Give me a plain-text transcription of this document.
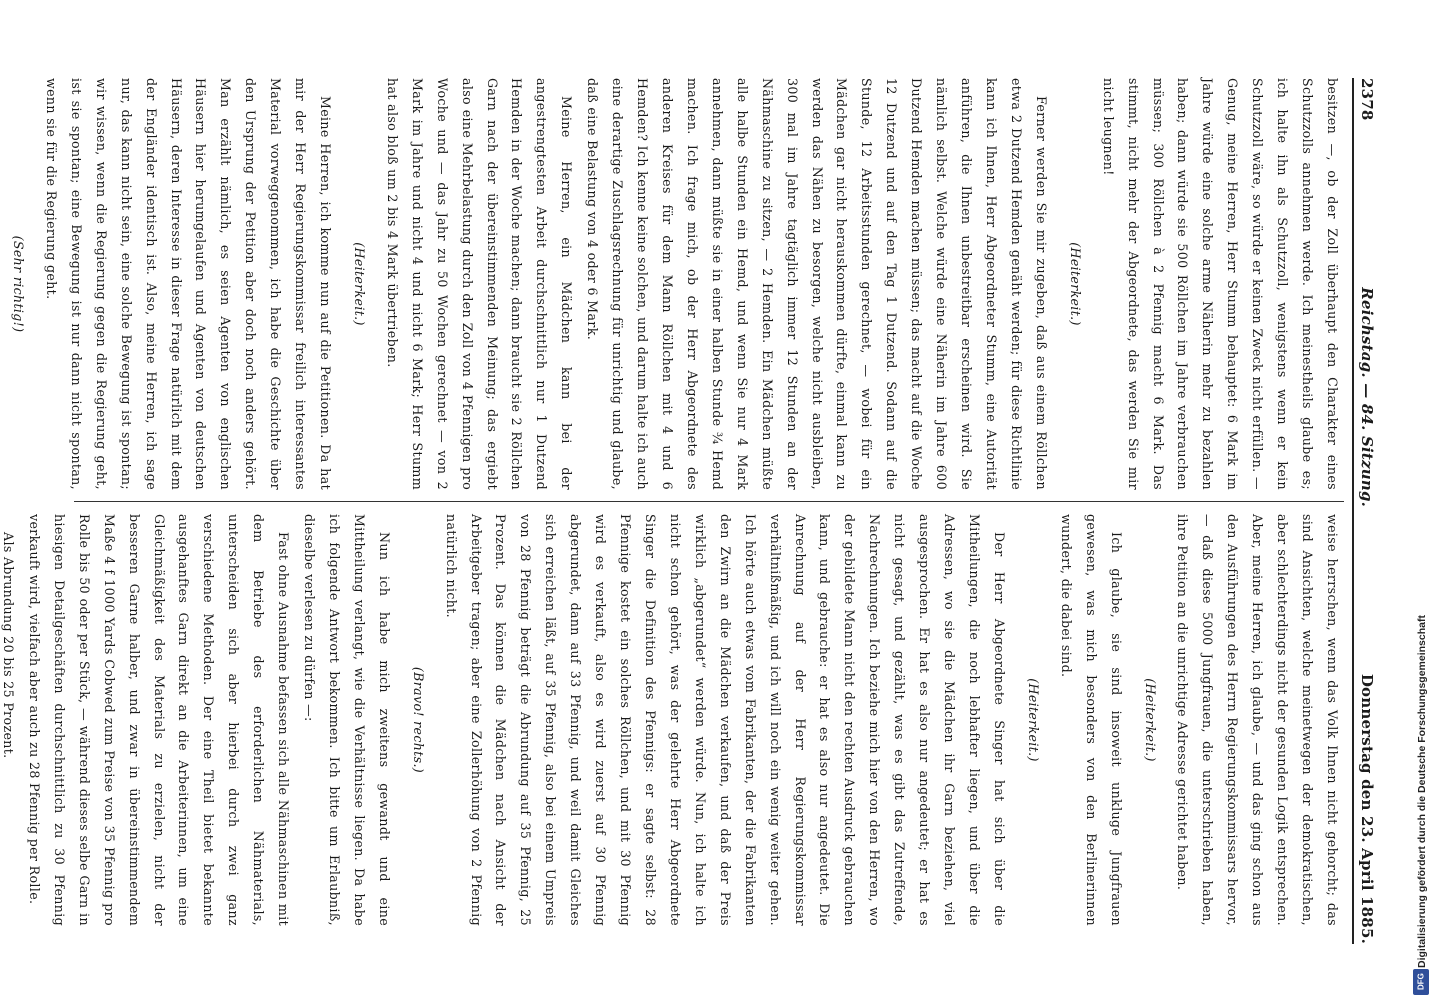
2378
Reichstag. — 84. Sitzung.
Donnerstag den 23. April 1885.

besitzen —, ob der Zoll überhaupt den Charakter eines Schutzzolls annehmen werde. Ich meinestheils glaube es; ich halte ihn als Schutzzoll, wenigstens wenn er kein Schutzzoll wäre, so würde er keinen Zweck nicht erfüllen. — Genug, meine Herren, Herr Stumm behauptet: 6 Mark im Jahre würde eine solche arme Näherin mehr zu bezahlen haben; dann würde sie 500 Röllchen im Jahre verbrauchen müssen; 300 Röllchen à 2 Pfennig macht 6 Mark. Das stimmt, nicht mehr der Abgeordnete, das werden Sie mir nicht leugnen!

(Heiterkeit.)

Ferner werden Sie mir zugeben, daß aus einem Röllchen etwa 2 Dutzend Hemden genäht werden; für diese Richtlinie kann ich Ihnen, Herr Abgeordneter Stumm, eine Autorität anführen, die Ihnen unbestreitbar erscheinen wird. Sie nämlich selbst. Welche würde eine Näherin im Jahre 600 Dutzend Hemden machen müssen; das macht auf die Woche 12 Dutzend und auf den Tag 1 Dutzend. Sodann auf die Stunde, 12 Arbeitsstunden gerechnet, — wobei für ein Mädchen gar nicht herauskommen dürfte, einmal kann zu werden das Nähen zu besorgen, welche nicht ausbleiben, 300 mal im Jahre tagtäglich immer 12 Stunden an der Nähmaschine zu sitzen, — 2 Hemden. Ein Mädchen müßte alle halbe Stunden ein Hemd, und wenn Sie nur 4 Mark annehmen, dann müßte sie in einer halben Stunde ¾ Hemd machen. Ich frage mich, ob der Herr Abgeordnete des anderen Kreises für dem Mann Röllchen mit 4 und 6 Hemden? Ich kenne keine solchen, und darum halte ich auch eine derartige Zuschlagsrechnung für unrichtig und glaube, daß eine Belastung von 4 oder 6 Mark.

Meine Herren, ein Mädchen kann bei der angestrengtesten Arbeit durchschnittlich nur 1 Dutzend Hemden in der Woche machen; dann braucht sie 2 Röllchen Garn nach der übereinstimmenden Meinung; das ergiebt also eine Mehrbelastung durch den Zoll von 4 Pfennigen pro Woche und — das Jahr zu 50 Wochen gerechnet — von 2 Mark im Jahre und nicht 4 und nicht 6 Mark; Herr Stumm hat also bloß um 2 bis 4 Mark übertrieben.

(Heiterkeit.)

Meine Herren, ich komme nun auf die Petitionen. Da hat mir der Herr Regierungskommissar freilich interessantes Material vorweggenommen, ich habe die Geschichte über den Ursprung der Petition aber doch noch anders gehört. Man erzählt nämlich, es seien Agenten von englischen Häusern hier herumgelaufen und Agenten von deutschen Häusern, deren Interesse in dieser Frage natürlich mit dem der Engländer identisch ist. Also, meine Herren, ich sage nur, das kann nicht sein, eine solche Bewegung ist spontan; wir wissen, wenn die Regierung gegen die Regierung geht, ist sie spontan; eine Bewegung ist nur dann nicht spontan, wenn sie für die Regierung geht.

(Sehr richtig!)

weise herrschen, wenn das Volk Ihnen nicht gehorcht; das sind Ansichten, welche meinetwegen der demokratischen, aber schlechterdings nicht der gesunden Logik entsprechen. Aber, meine Herren, ich glaube, — und das ging schon aus den Ausführungen des Herrn Regierungskommissars hervor, — daß diese 5000 Jungfrauen, die unterschrieben haben, ihre Petition an die unrichtige Adresse gerichtet haben.

(Heiterkeit.)

Ich glaube, sie sind insoweit unkluge Jungfrauen gewesen, was mich besonders von den Berlinerinnen wundert, die dabei sind.

(Heiterkeit.)

Der Herr Abgeordnete Singer hat sich über die Mitheilungen, die noch lebhafter liegen, und über die Adressen, wo sie die Mädchen ihr Garn beziehen, viel ausgesprochen. Er hat es also nur angedeutet; er hat es nicht gesagt, und gezählt, was es gibt das Zutreffende, Nachrechnungen. Ich beziehe mich hier von den Herren, wo der gebildete Mann nicht den rechten Ausdruck gebrauchen kann, und gebrauche: er hat es also nur angedeutet. Die Anrechnung auf der Herr Regierungskommissar verhältnißmäßig, und ich will noch ein wenig weiter gehen. Ich hörte auch etwas vom Fabrikanten, der die Fabrikanten den Zwirn an die Mädchen verkaufen, und daß der Preis wirklich „abgerundet“ werden würde. Nun, ich halte ich nicht schon gehört, was der gelehrte Herr Abgeordnete Singer die Definition des Pfennigs: er sagte selbst: 28 Pfennige kostet ein solches Röllchen, und mit 30 Pfennig wird es verkauft, also es wird zuerst auf 30 Pfennig abgerundet, dann auf 33 Pfennig, und weil damit Gleiches sich erreichen läßt, auf 35 Pfennig, also bei einem Umpreis von 28 Pfennig beträgt die Abrundung auf 35 Pfennig, 25 Prozent. Das können die Mädchen nach Ansicht der Arbeitgeber tragen; aber eine Zollerhöhung von 2 Pfennig natürlich nicht.

(Bravo! rechts.)

Nun ich habe mich zweitens gewandt und eine Mittheilung verlangt, wie die Verhältnisse liegen. Da habe ich folgende Antwort bekommen. Ich bitte um Erlaubniß, dieselbe verlesen zu dürfen —:

Fast ohne Ausnahme befassen sich alle Nähmaschinen mit dem Betriebe des erforderlichen Nähmaterials, unterscheiden sich aber hierbei durch zwei ganz verschiedene Methoden. Der eine Theil bietet bekannte ausgehanftes Garn direkt an die Arbeiterinnen, um eine Gleichmäßigkeit des Materials zu erzielen, nicht der besseren Garne halber, und zwar in übereinstimmendem Maße 4 f 1000 Yards Cobwed zum Preise von 35 Pfennig pro Rolle bis 50 oder per Stück, — während dieses selbe Garn in hiesigen Detailgeschäften durchschnittlich zu 30 Pfennig verkauft wird, vielfach aber auch zu 28 Pfennig per Rolle.

Als Abrundung 20 bis 25 Prozent.	Digitalisierung gefördert durch die Deutsche Forschungsgemeinschaft
DFG
